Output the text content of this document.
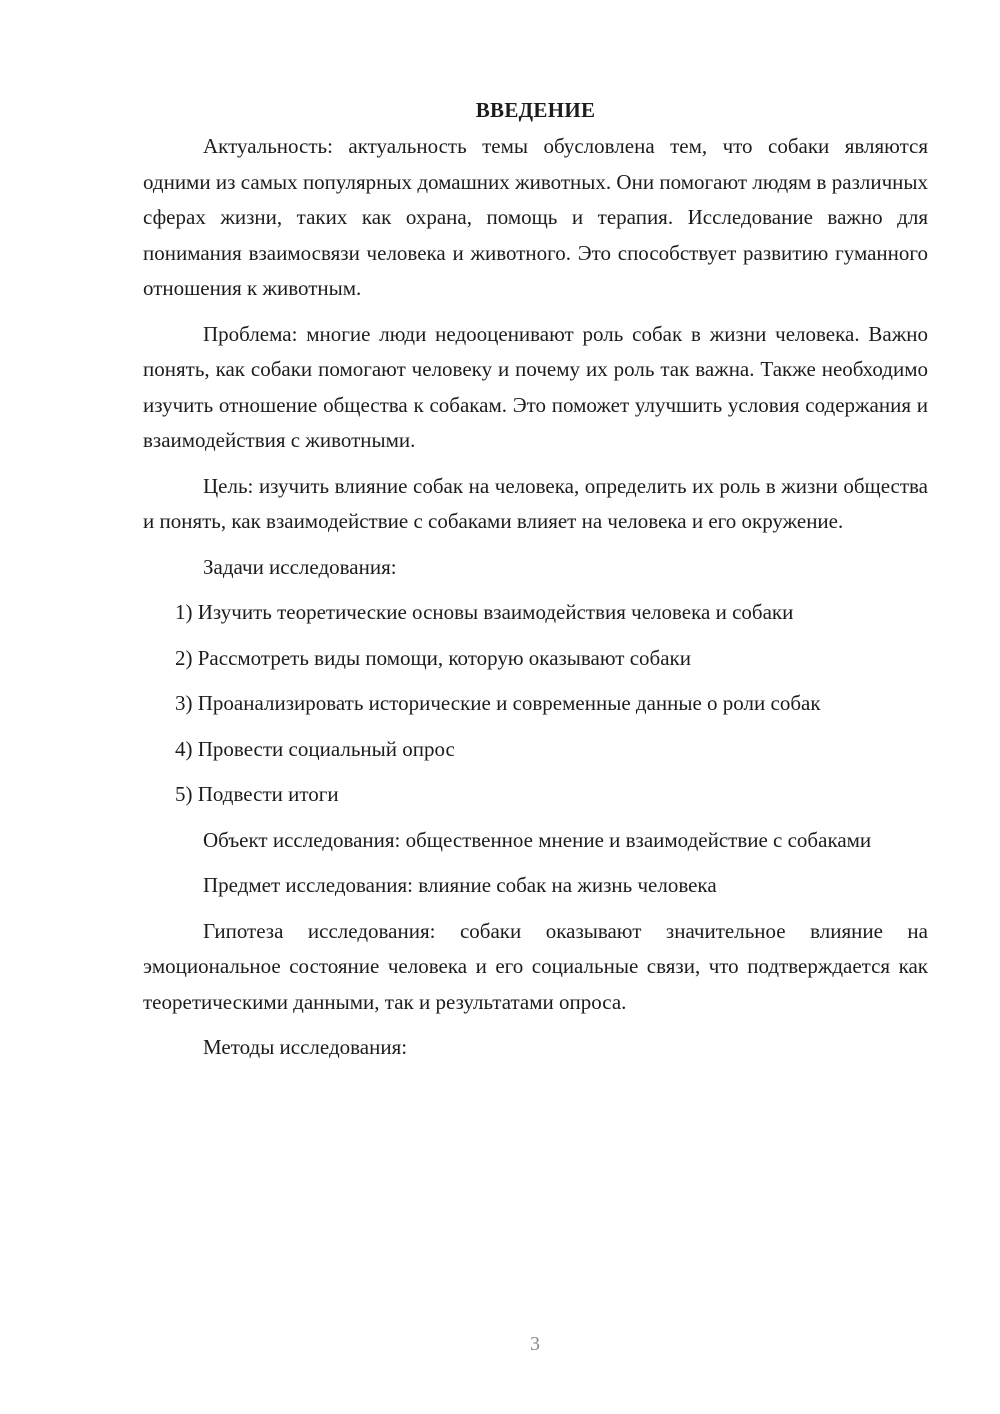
ВВЕДЕНИЕ

Актуальность: актуальность темы обусловлена тем, что собаки являются одними из самых популярных домашних животных. Они помогают людям в различных сферах жизни, таких как охрана, помощь и терапия. Исследование важно для понимания взаимосвязи человека и животного. Это способствует развитию гуманного отношения к животным.

Проблема: многие люди недооценивают роль собак в жизни человека. Важно понять, как собаки помогают человеку и почему их роль так важна. Также необходимо изучить отношение общества к собакам. Это поможет улучшить условия содержания и взаимодействия с животными.

Цель: изучить влияние собак на человека, определить их роль в жизни общества и понять, как взаимодействие с собаками влияет на человека и его окружение.

Задачи исследования:

1) Изучить теоретические основы взаимодействия человека и собаки

2) Рассмотреть виды помощи, которую оказывают собаки

3) Проанализировать исторические и современные данные о роли собак

4) Провести социальный опрос

5) Подвести итоги

Объект исследования: общественное мнение и взаимодействие с собаками

Предмет исследования: влияние собак на жизнь человека

Гипотеза исследования: собаки оказывают значительное влияние на эмоциональное состояние человека и его социальные связи, что подтверждается как теоретическими данными, так и результатами опроса.

Методы исследования:

3
